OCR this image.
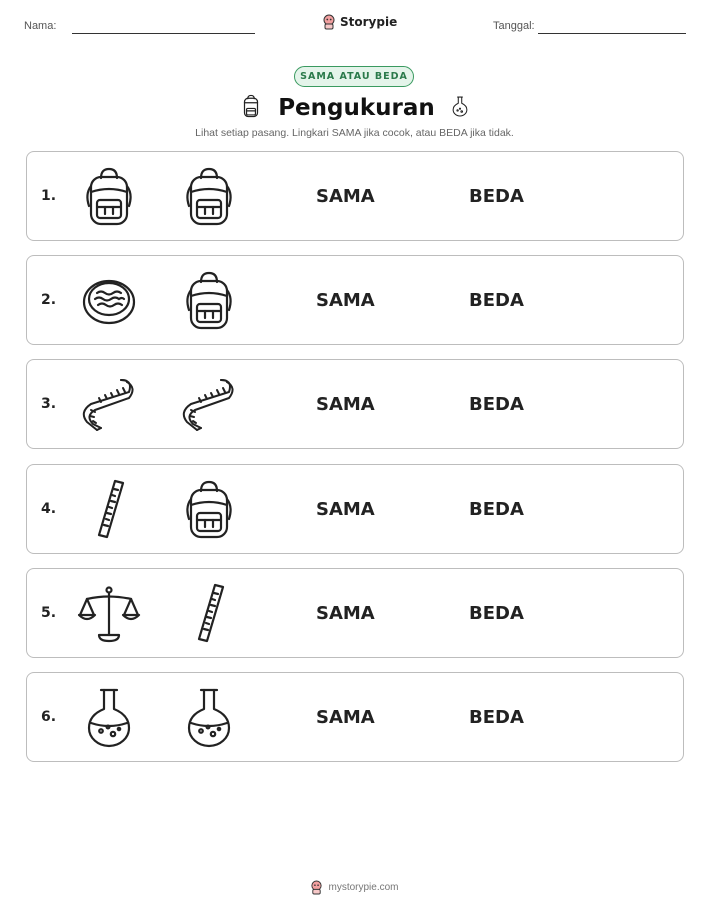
Nama:	Storypie	Tanggal:
SAMA ATAU BEDA
Pengukuran
Lihat setiap pasang. Lingkari SAMA jika cocok, atau BEDA jika tidak.
1.	SAMA	BEDA
2.	SAMA	BEDA
3.	SAMA	BEDA
4.	SAMA	BEDA
5.	SAMA	BEDA
6.	SAMA	BEDA
mystorypie.com
